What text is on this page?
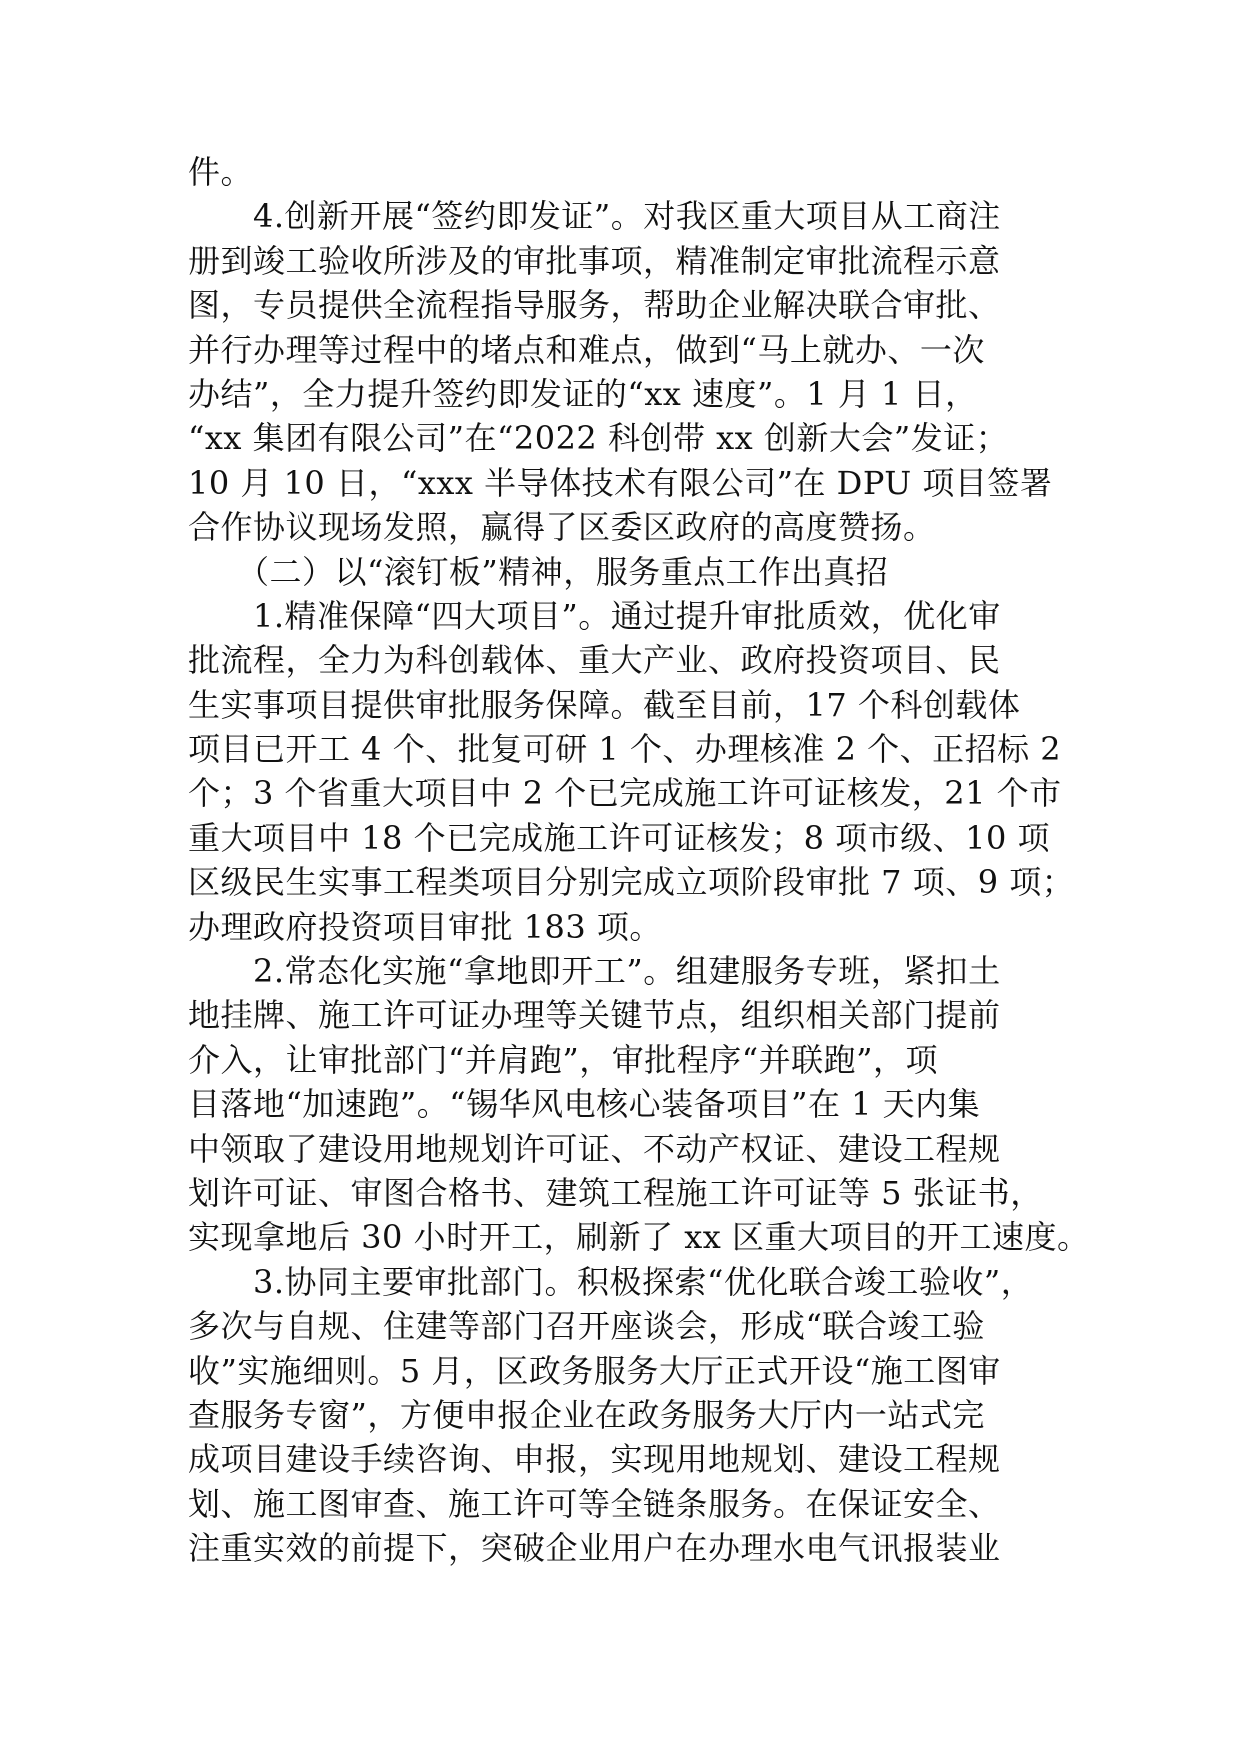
件。
　　4.创新开展“签约即发证”。对我区重大项目从工商注
册到竣工验收所涉及的审批事项，精准制定审批流程示意
图，专员提供全流程指导服务，帮助企业解决联合审批、
并行办理等过程中的堵点和难点，做到“马上就办、一次
办结”，全力提升签约即发证的“xx 速度”。1 月 1 日，
“xx 集团有限公司”在“2022 科创带 xx 创新大会”发证；
10 月 10 日，“xxx 半导体技术有限公司”在 DPU 项目签署
合作协议现场发照，赢得了区委区政府的高度赞扬。
　　（二）以“滚钉板”精神，服务重点工作出真招
　　1.精准保障“四大项目”。通过提升审批质效，优化审
批流程，全力为科创载体、重大产业、政府投资项目、民
生实事项目提供审批服务保障。截至目前，17 个科创载体
项目已开工 4 个、批复可研 1 个、办理核准 2 个、正招标 2
个；3 个省重大项目中 2 个已完成施工许可证核发，21 个市
重大项目中 18 个已完成施工许可证核发；8 项市级、10 项
区级民生实事工程类项目分别完成立项阶段审批 7 项、9 项；
办理政府投资项目审批 183 项。
　　2.常态化实施“拿地即开工”。组建服务专班，紧扣土
地挂牌、施工许可证办理等关键节点，组织相关部门提前
介入，让审批部门“并肩跑”，审批程序“并联跑”，项
目落地“加速跑”。“锡华风电核心装备项目”在 1 天内集
中领取了建设用地规划许可证、不动产权证、建设工程规
划许可证、审图合格书、建筑工程施工许可证等 5 张证书，
实现拿地后 30 小时开工，刷新了 xx 区重大项目的开工速度。
　　3.协同主要审批部门。积极探索“优化联合竣工验收”，
多次与自规、住建等部门召开座谈会，形成“联合竣工验
收”实施细则。5 月，区政务服务大厅正式开设“施工图审
查服务专窗”，方便申报企业在政务服务大厅内一站式完
成项目建设手续咨询、申报，实现用地规划、建设工程规
划、施工图审查、施工许可等全链条服务。在保证安全、
注重实效的前提下，突破企业用户在办理水电气讯报装业
